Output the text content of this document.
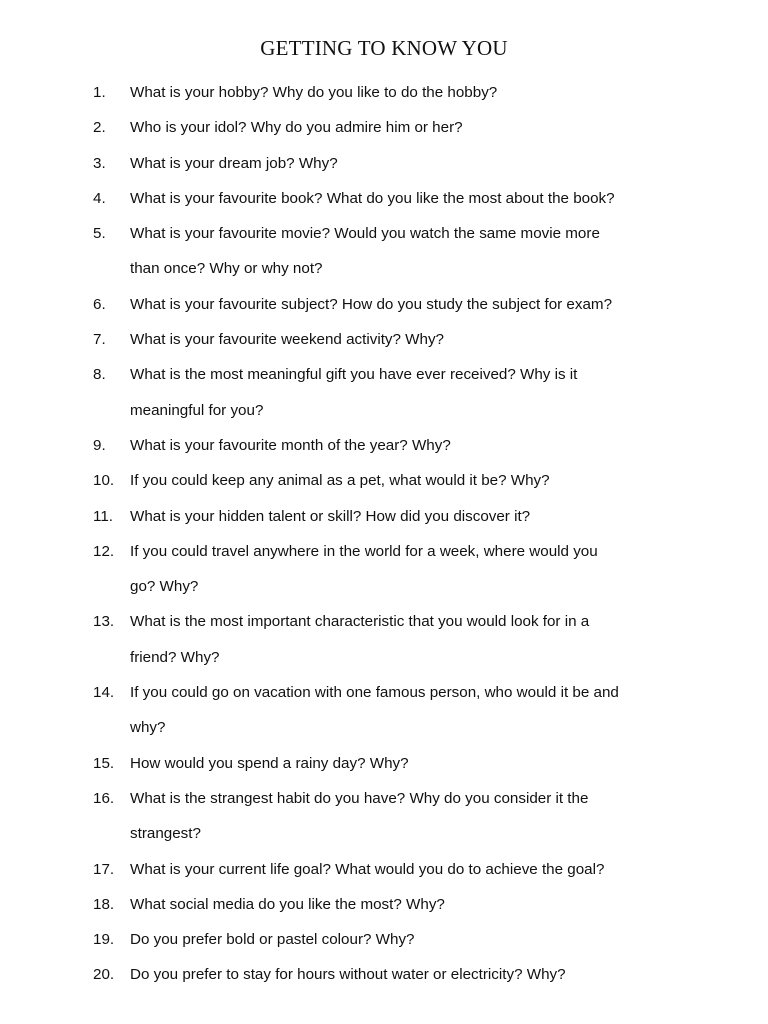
GETTING TO KNOW YOU
1. What is your hobby? Why do you like to do the hobby?
2. Who is your idol? Why do you admire him or her?
3. What is your dream job? Why?
4. What is your favourite book? What do you like the most about the book?
5. What is your favourite movie? Would you watch the same movie more
than once? Why or why not?
6. What is your favourite subject? How do you study the subject for exam?
7. What is your favourite weekend activity? Why?
8. What is the most meaningful gift you have ever received? Why is it
meaningful for you?
9. What is your favourite month of the year? Why?
10. If you could keep any animal as a pet, what would it be? Why?
11. What is your hidden talent or skill? How did you discover it?
12. If you could travel anywhere in the world for a week, where would you
go? Why?
13. What is the most important characteristic that you would look for in a
friend? Why?
14. If you could go on vacation with one famous person, who would it be and
why?
15. How would you spend a rainy day? Why?
16. What is the strangest habit do you have? Why do you consider it the
strangest?
17. What is your current life goal? What would you do to achieve the goal?
18. What social media do you like the most? Why?
19. Do you prefer bold or pastel colour? Why?
20. Do you prefer to stay for hours without water or electricity? Why?
